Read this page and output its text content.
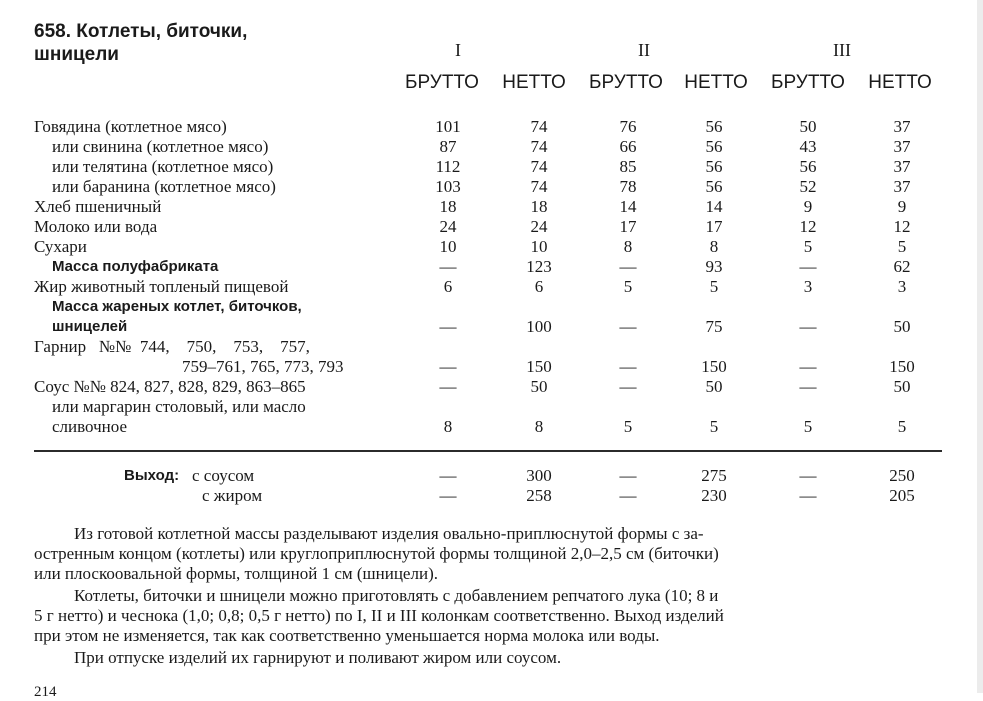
658. Котлеты, биточки,
шницели	I	II	III
БРУТТО	НЕТТО	БРУТТО	НЕТТО	БРУТТО	НЕТТО
Говядина (котлетное мясо)	101	74	76	56	50	37
или свинина (котлетное мясо)	87	74	66	56	43	37
или телятина (котлетное мясо)	112	74	85	56	56	37
или баранина (котлетное мясо)	103	74	78	56	52	37
Хлеб пшеничный	18	18	14	14	9	9
Молоко или вода	24	24	17	17	12	12
Сухари	10	10	8	8	5	5
Масса полуфабриката	—	123	—	93	—	62
Жир животный топленый пищевой	6	6	5	5	3	3
Масса жареных котлет, биточков,
шницелей	—	100	—	75	—	50
Гарнир   №№  744,    750,    753,    757,
759–761, 765, 773, 793	—	150	—	150	—	150
Соус №№ 824, 827, 828, 829, 863–865	—	50	—	50	—	50
или маргарин столовый, или масло
сливочное	8	8	5	5	5	5
Выход: с соусом	—	300	—	275	—	250
с жиром	—	258	—	230	—	205
Из готовой котлетной массы разделывают изделия овально-приплюснутой формы с за-
остренным концом (котлеты) или круглоприплюснутой формы толщиной 2,0–2,5 см (биточки)
или плоскоовальной формы, толщиной 1 см (шницели).
Котлеты, биточки и шницели можно приготовлять с добавлением репчатого лука (10; 8 и
5 г нетто) и чеснока (1,0; 0,8; 0,5 г нетто) по I, II и III колонкам соответственно. Выход изделий
при этом не изменяется, так как соответственно уменьшается норма молока или воды.
При отпуске изделий их гарнируют и поливают жиром или соусом.
214
